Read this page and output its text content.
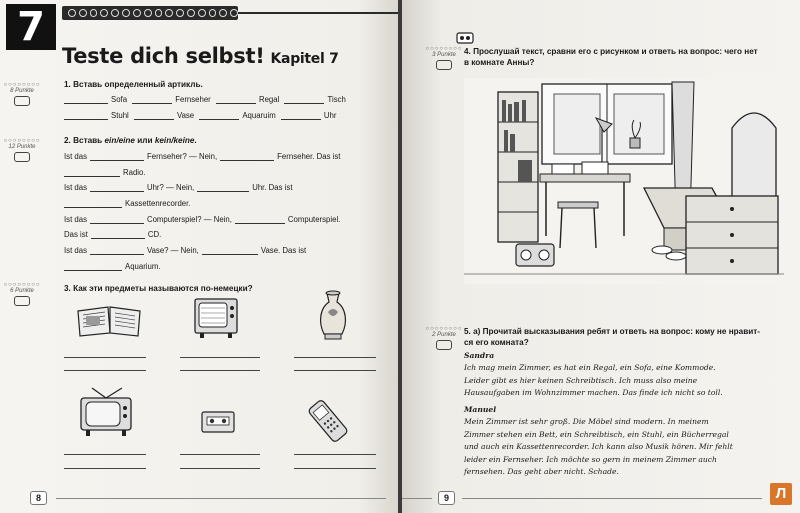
7
Teste dich selbst! Kapitel 7
○○○○○○○○
8 Punkte
○○○○○○○○
12 Punkte
○○○○○○○○
6 Punkte
1. Вставь определенный артикль.
Sofa	Fernseher	Regal	Tisch
Stuhl	Vase	Aquaruim	Uhr
2. Вставь ein/eine или kein/keine.
Ist das	Fernseher? — Nein,	Fernseher. Das ist
Radio.
Ist das	Uhr? — Nein,	Uhr. Das ist
Kassettenrecorder.
Ist das	Computerspiel? — Nein,	Computerspiel.
Das ist	CD.
Ist das	Vase? — Nein,	Vase. Das ist
Aquarium.
3. Как эти предметы называются по-немецки?
8
○○○○○○○○
3 Punkte 4. Прослушай текст, сравни его с рисунком и ответь на вопрос: чего нет
в комнате Анны?
○○○○○○○○
2 Punkte 5. а) Прочитай высказывания ребят и ответь на вопрос: кому не нравит-
ся его комната?
Sandra
Ich mag mein Zimmer, es hat ein Regal, ein Sofa, eine Kommode.
Leider gibt es hier keinen Schreibtisch. Ich muss also meine
Hausaufgaben im Wohnzimmer machen. Das finde ich nicht so toll.
Manuel
Mein Zimmer ist sehr groß. Die Möbel sind modern. In meinem
Zimmer stehen ein Bett, ein Schreibtisch, ein Stuhl, ein Bücherregal
und auch ein Kassettenrecorder. Ich kann also Musik hören. Mir fehlt
leider ein Fernseher. Ich möchte so gern in meinem Zimmer auch
fernsehen. Das geht aber nicht. Schade.
9	Л
